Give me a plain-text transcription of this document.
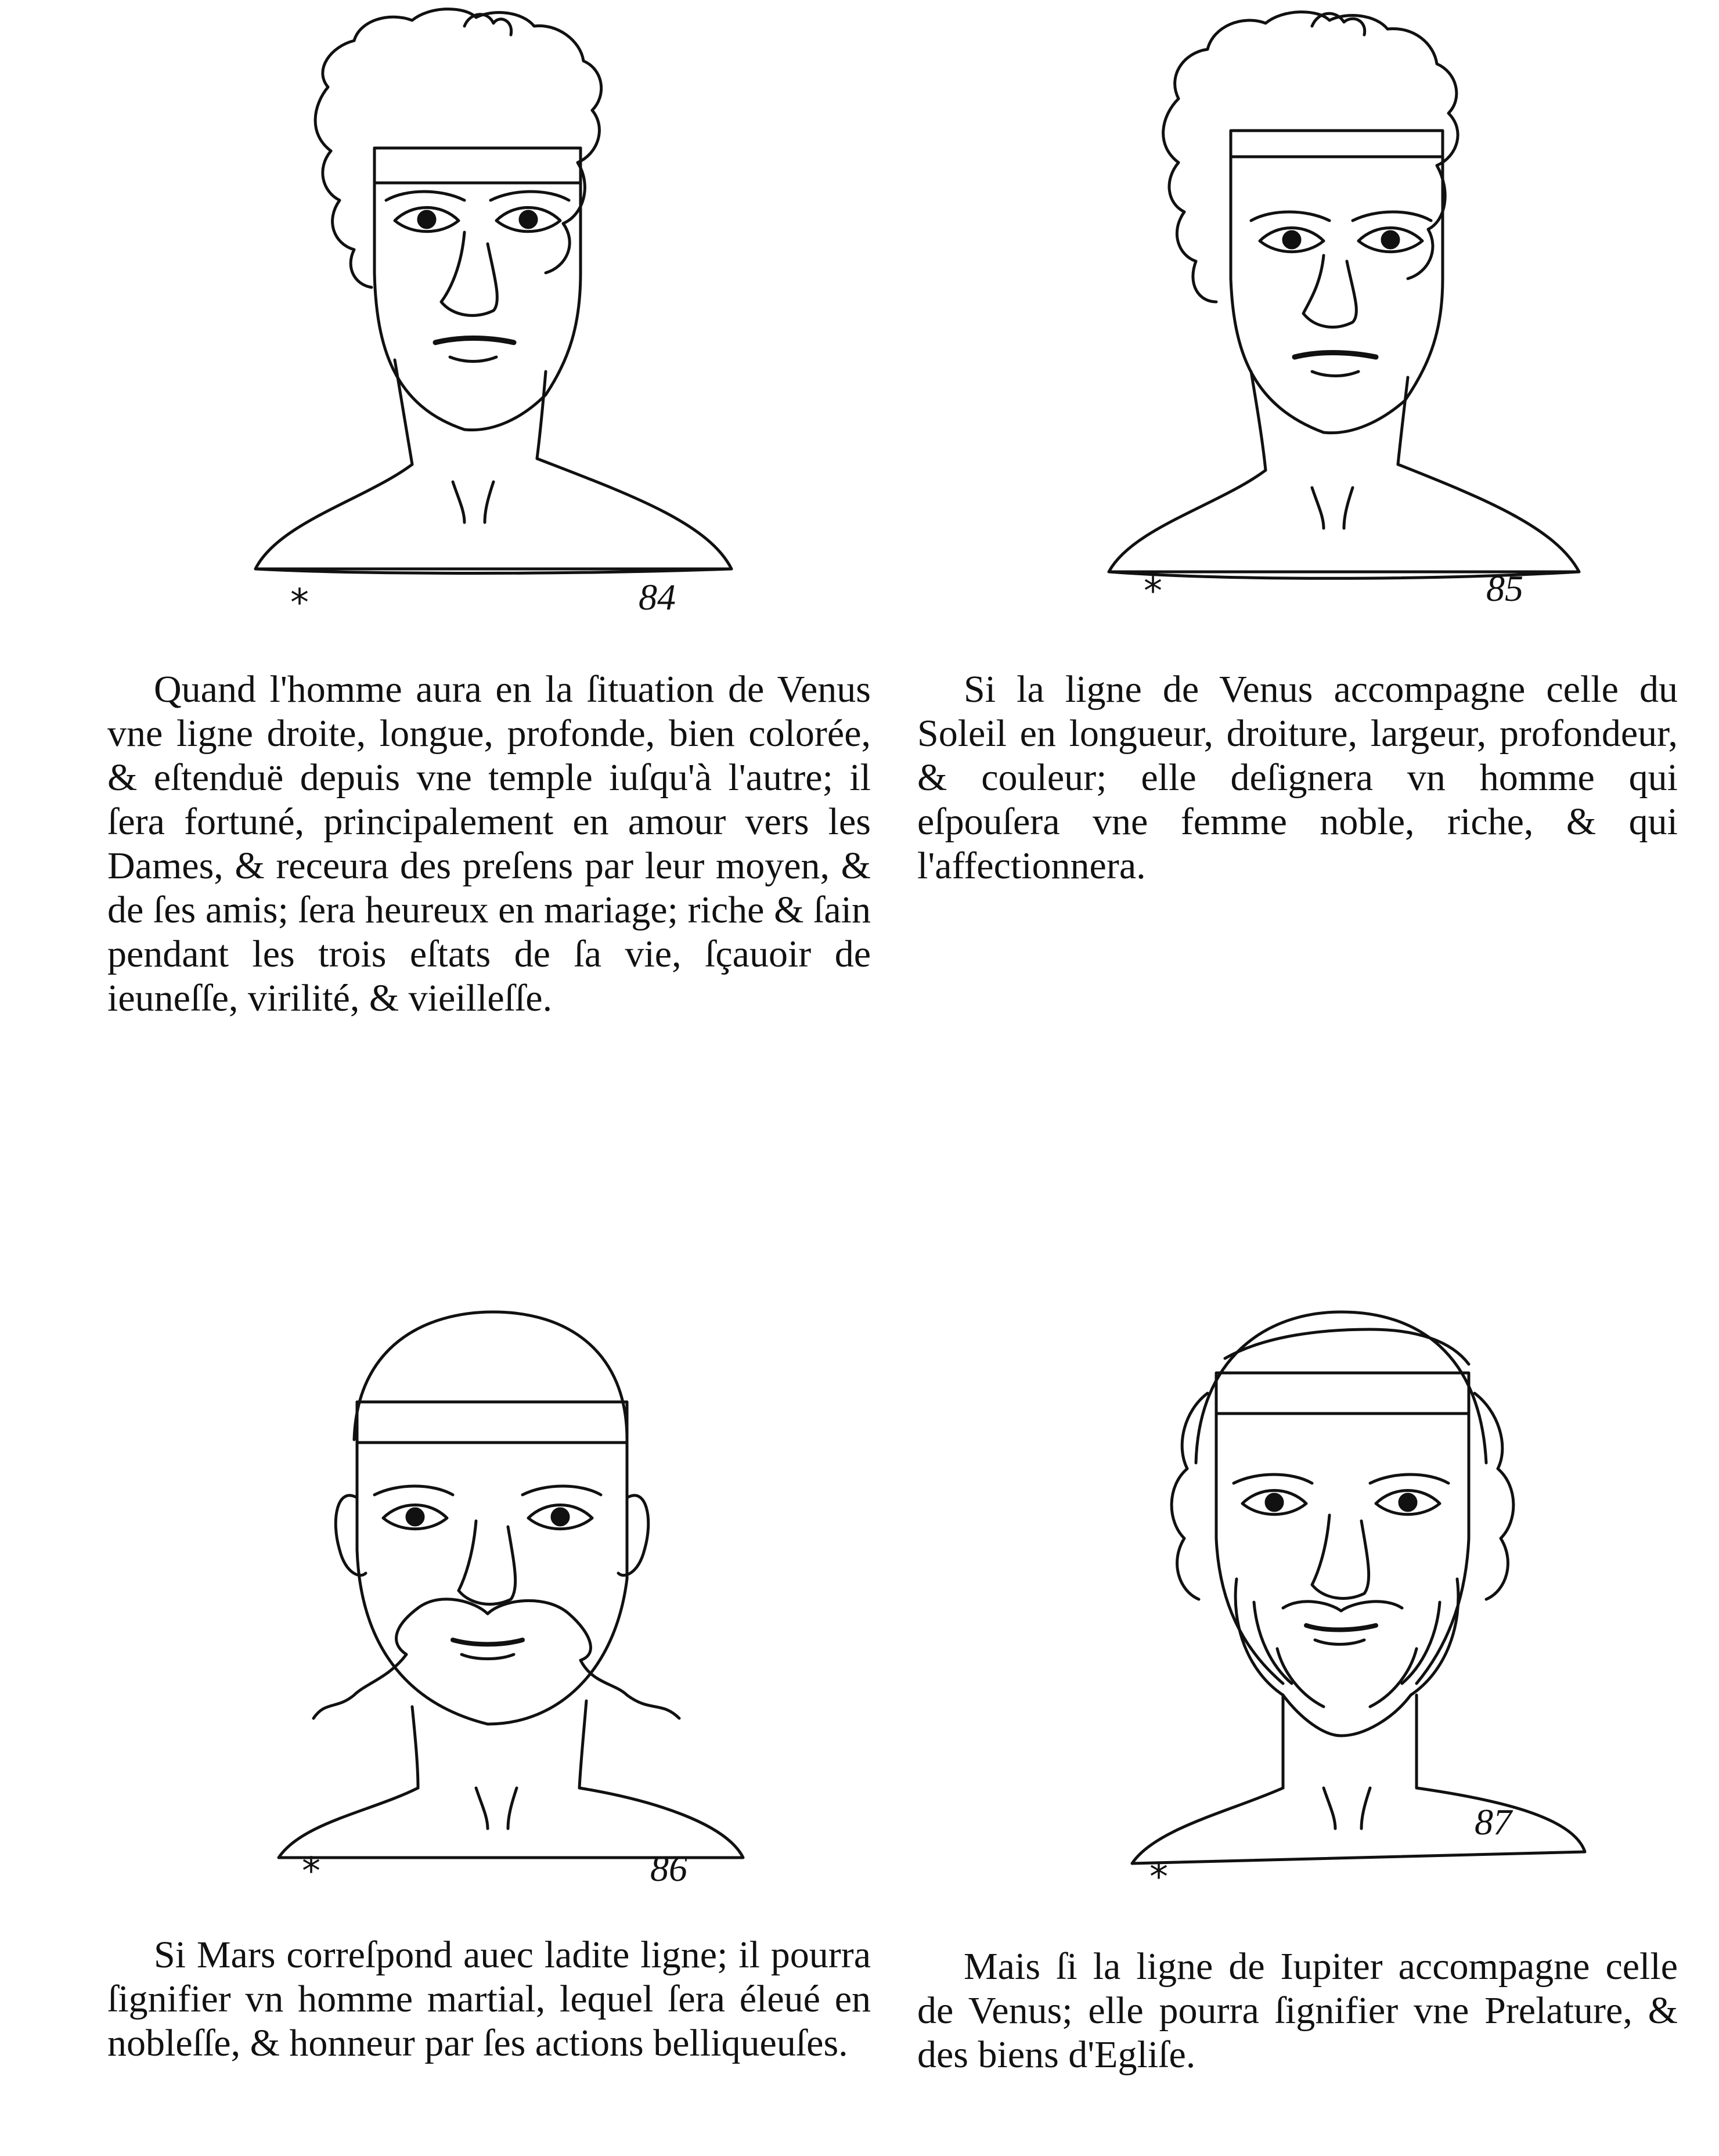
*	84

Quand l'homme aura en la ſituation de Venus vne ligne droite, longue, profonde, bien colorée, & eſtenduë depuis vne temple iuſqu'à l'autre; il ſera fortuné, principalement en amour vers les Dames, & receura des preſens par leur moyen, & de ſes amis; ſera heureux en mariage; riche & ſain pendant les trois eſtats de ſa vie, ſçauoir de ieuneſſe, virilité, & vieilleſſe.

*	85

Si la ligne de Venus accompagne celle du Soleil en longueur, droiture, largeur, profondeur, & couleur; elle deſignera vn homme qui eſpouſera vne femme noble, riche, & qui l'affectionnera.

*	86

Si Mars correſpond auec ladite ligne; il pourra ſignifier vn homme martial, lequel ſera éleué en nobleſſe, & honneur par ſes actions belliqueuſes.

*
87

Mais ſi la ligne de Iupiter accompagne celle de Venus; elle pourra ſignifier vne Prelature, & des biens d'Egliſe.
